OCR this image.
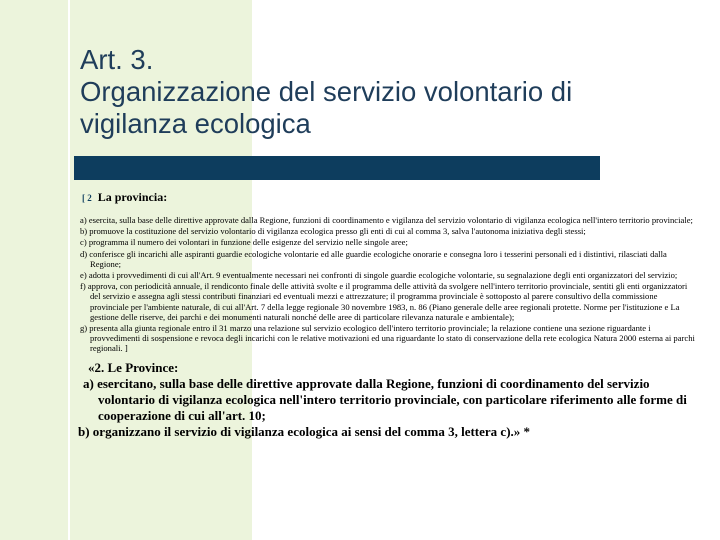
Art. 3.
Organizzazione del servizio volontario di
vigilanza ecologica
[ 2 La provincia:
a) esercita, sulla base delle direttive approvate dalla Regione, funzioni di coordinamento e vigilanza del servizio volontario di vigilanza ecologica nell'intero territorio provinciale;
b) promuove la costituzione del servizio volontario di vigilanza ecologica presso gli enti di cui al comma 3, salva l'autonoma iniziativa degli stessi;
c) programma il numero dei volontari in funzione delle esigenze del servizio nelle singole aree;
d) conferisce gli incarichi alle aspiranti guardie ecologiche volontarie ed alle guardie ecologiche onorarie e consegna loro i tesserini personali ed i distintivi, rilasciati dalla Regione;
e) adotta i provvedimenti di cui all'Art. 9 eventualmente necessari nei confronti di singole guardie ecologiche volontarie, su segnalazione degli enti organizzatori del servizio;
f) approva, con periodicità annuale, il rendiconto finale delle attività svolte e il programma delle attività da svolgere nell'intero territorio provinciale, sentiti gli enti organizzatori del servizio e assegna agli stessi contributi finanziari ed eventuali mezzi e attrezzature; il programma provinciale è sottoposto al parere consultivo della commissione provinciale per l'ambiente naturale, di cui all'Art. 7 della legge regionale 30 novembre 1983, n. 86 (Piano generale delle aree regionali protette. Norme per l'istituzione e La gestione delle riserve, dei parchi e dei monumenti naturali nonché delle aree di particolare rilevanza naturale e ambientale);
g) presenta alla giunta regionale entro il 31 marzo una relazione sul servizio ecologico dell'intero territorio provinciale; la relazione contiene una sezione riguardante i provvedimenti di sospensione e revoca degli incarichi con le relative motivazioni ed una riguardante lo stato di conservazione della rete ecologica Natura 2000 esterna ai parchi regionali. ]
«2. Le Province:
a) esercitano, sulla base delle direttive approvate dalla Regione, funzioni di coordinamento del servizio volontario di vigilanza ecologica nell'intero territorio provinciale, con particolare riferimento alle forme di cooperazione di cui all'art. 10;
b) organizzano il servizio di vigilanza ecologica ai sensi del comma 3, lettera c).» *
